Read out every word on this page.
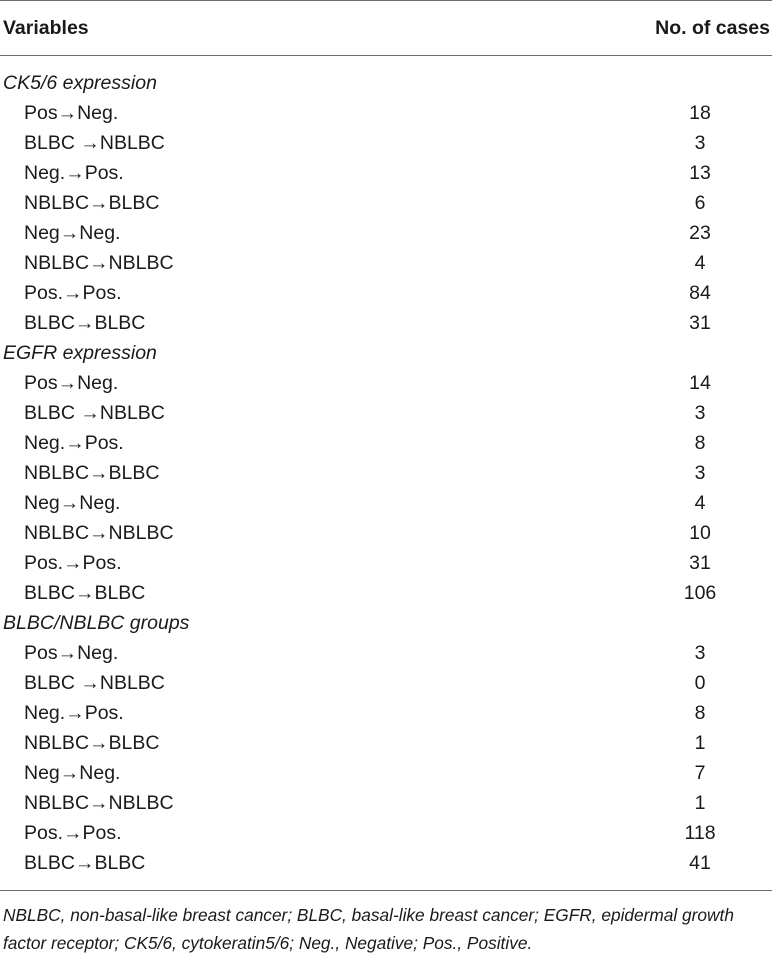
Variables	No. of cases
CK5/6 expression
Pos→Neg.	18
BLBC →NBLBC	3
Neg.→Pos.	13
NBLBC→BLBC	6
Neg→Neg.	23
NBLBC→NBLBC	4
Pos.→Pos.	84
BLBC→BLBC	31
EGFR expression
Pos→Neg.	14
BLBC →NBLBC	3
Neg.→Pos.	8
NBLBC→BLBC	3
Neg→Neg.	4
NBLBC→NBLBC	10
Pos.→Pos.	31
BLBC→BLBC	106
BLBC/NBLBC groups
Pos→Neg.	3
BLBC →NBLBC	0
Neg.→Pos.	8
NBLBC→BLBC	1
Neg→Neg.	7
NBLBC→NBLBC	1
Pos.→Pos.	118
BLBC→BLBC	41
NBLBC, non-basal-like breast cancer; BLBC, basal-like breast cancer; EGFR, epidermal growth factor receptor; CK5/6, cytokeratin5/6; Neg., Negative; Pos., Positive.
